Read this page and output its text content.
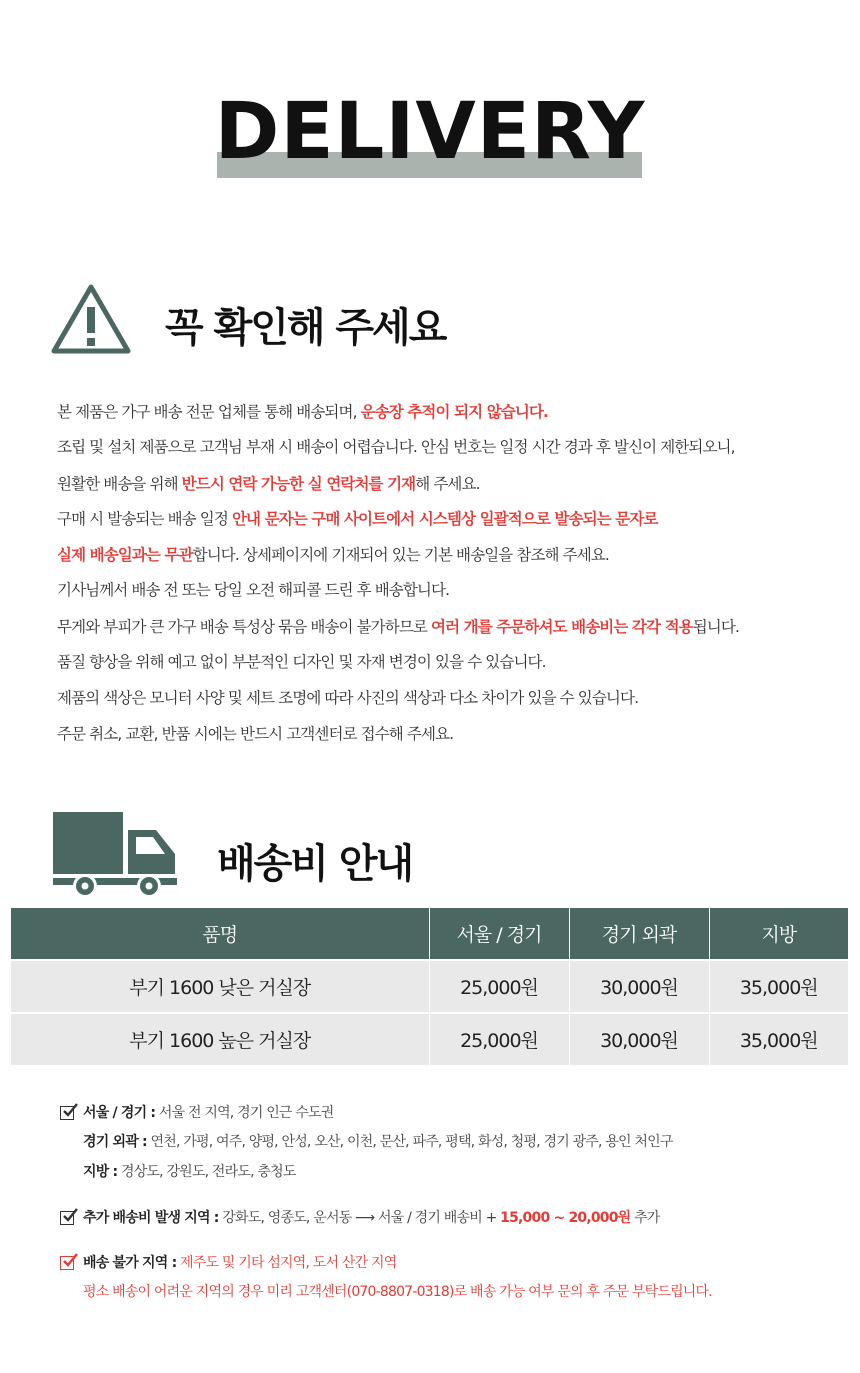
DELIVERY
꼭 확인해 주세요
본 제품은 가구 배송 전문 업체를 통해 배송되며, 운송장 추적이 되지 않습니다.
조립 및 설치 제품으로 고객님 부재 시 배송이 어렵습니다. 안심 번호는 일정 시간 경과 후 발신이 제한되오니,
원활한 배송을 위해 반드시 연락 가능한 실 연락처를 기재해 주세요.
구매 시 발송되는 배송 일정 안내 문자는 구매 사이트에서 시스템상 일괄적으로 발송되는 문자로
실제 배송일과는 무관합니다. 상세페이지에 기재되어 있는 기본 배송일을 참조해 주세요.
기사님께서 배송 전 또는 당일 오전 해피콜 드린 후 배송합니다.
무게와 부피가 큰 가구 배송 특성상 묶음 배송이 불가하므로 여러 개를 주문하셔도 배송비는 각각 적용됩니다.
품질 향상을 위해 예고 없이 부분적인 디자인 및 자재 변경이 있을 수 있습니다.
제품의 색상은 모니터 사양 및 세트 조명에 따라 사진의 색상과 다소 차이가 있을 수 있습니다.
주문 취소, 교환, 반품 시에는 반드시 고객센터로 접수해 주세요.
배송비 안내
품명	서울 / 경기	경기 외곽	지방
부기 1600 낮은 거실장	25,000원	30,000원	35,000원
부기 1600 높은 거실장	25,000원	30,000원	35,000원
서울 / 경기 : 서울 전 지역, 경기 인근 수도권
경기 외곽 : 연천, 가평, 여주, 양평, 안성, 오산, 이천, 문산, 파주, 평택, 화성, 청평, 경기 광주, 용인 처인구
지방 : 경상도, 강원도, 전라도, 충청도
추가 배송비 발생 지역 : 강화도, 영종도, 운서동 ⟶ 서울 / 경기 배송비 + 15,000 ~ 20,000원 추가
배송 불가 지역 : 제주도 및 기타 섬지역, 도서 산간 지역
평소 배송이 어려운 지역의 경우 미리 고객센터(070-8807-0318)로 배송 가능 여부 문의 후 주문 부탁드립니다.
